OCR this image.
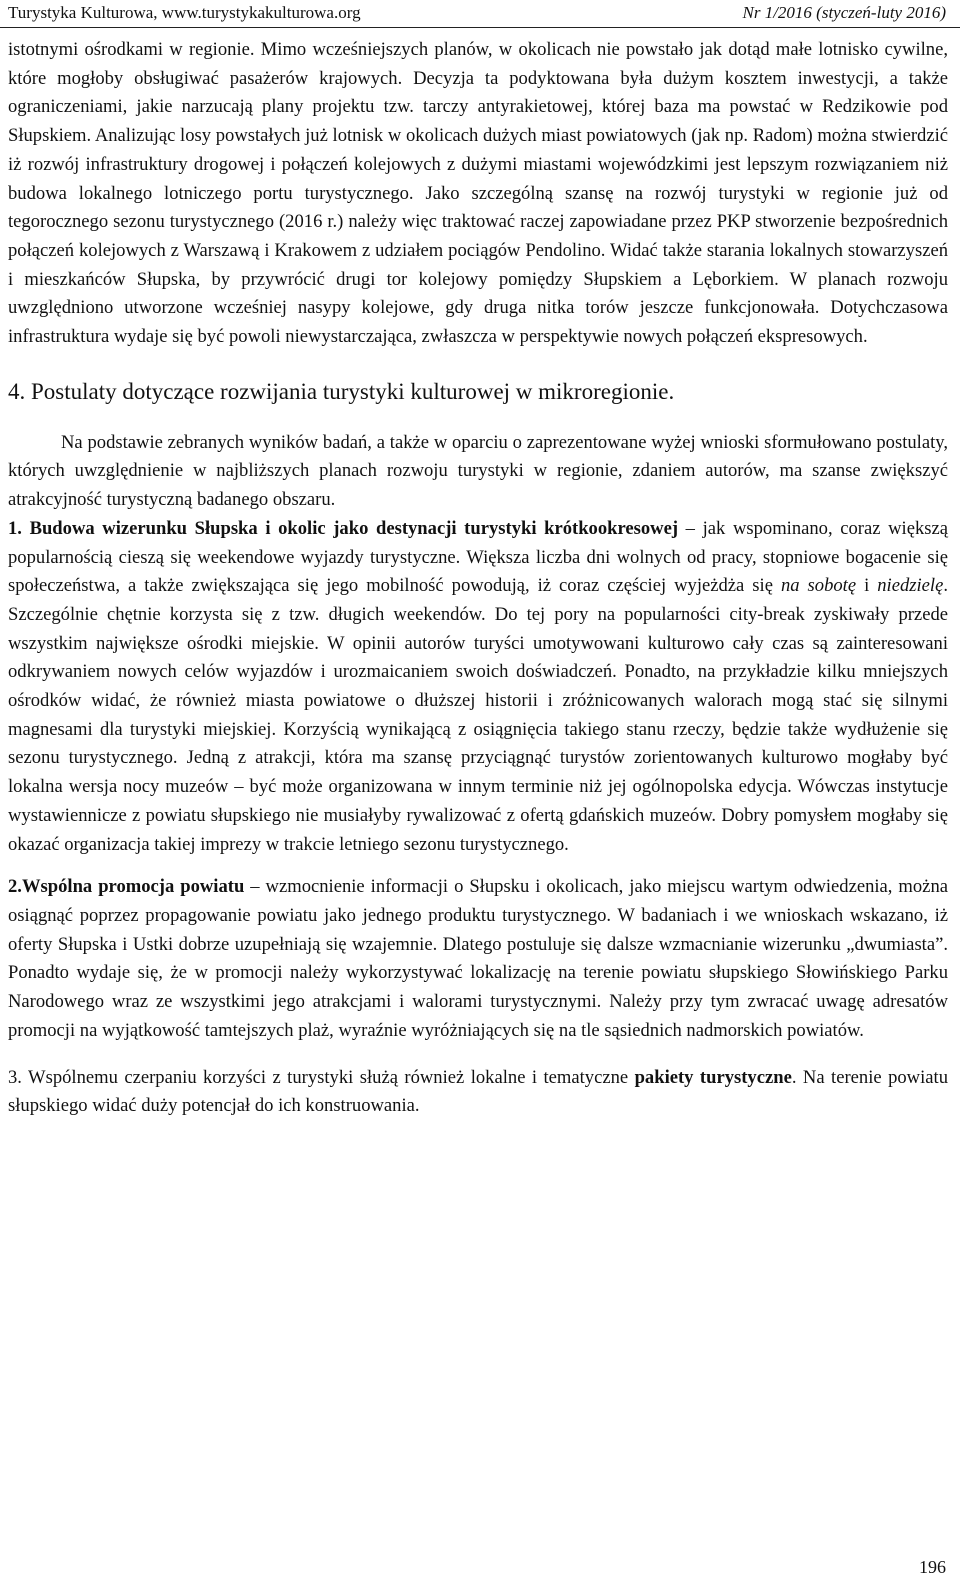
Turystyka Kulturowa, www.turystykakulturowa.org	Nr 1/2016 (styczeń-luty 2016)

istotnymi ośrodkami w regionie. Mimo wcześniejszych planów, w okolicach nie powstało jak dotąd małe lotnisko cywilne, które mogłoby obsługiwać pasażerów krajowych. Decyzja ta podyktowana była dużym kosztem inwestycji, a także ograniczeniami, jakie narzucają plany projektu tzw. tarczy antyrakietowej, której baza ma powstać w Redzikowie pod Słupskiem. Analizując losy powstałych już lotnisk w okolicach dużych miast powiatowych (jak np. Radom) można stwierdzić iż rozwój infrastruktury drogowej i połączeń kolejowych z dużymi miastami wojewódzkimi jest lepszym rozwiązaniem niż budowa lokalnego lotniczego portu turystycznego. Jako szczególną szansę na rozwój turystyki w regionie już od tegorocznego sezonu turystycznego (2016 r.) należy więc traktować raczej zapowiadane przez PKP stworzenie bezpośrednich połączeń kolejowych z Warszawą i Krakowem z udziałem pociągów Pendolino. Widać także starania lokalnych stowarzyszeń i mieszkańców Słupska, by przywrócić drugi tor kolejowy pomiędzy Słupskiem a Lęborkiem. W planach rozwoju uwzględniono utworzone wcześniej nasypy kolejowe, gdy druga nitka torów jeszcze funkcjonowała. Dotychczasowa infrastruktura wydaje się być powoli niewystarczająca, zwłaszcza w perspektywie nowych połączeń ekspresowych.

4. Postulaty dotyczące rozwijania turystyki kulturowej w mikroregionie.

Na podstawie zebranych wyników badań, a także w oparciu o zaprezentowane wyżej wnioski sformułowano postulaty, których uwzględnienie w najbliższych planach rozwoju turystyki w regionie, zdaniem autorów, ma szanse zwiększyć atrakcyjność turystyczną badanego obszaru.

1. Budowa wizerunku Słupska i okolic jako destynacji turystyki krótkookresowej – jak wspominano, coraz większą popularnością cieszą się weekendowe wyjazdy turystyczne. Większa liczba dni wolnych od pracy, stopniowe bogacenie się społeczeństwa, a także zwiększająca się jego mobilność powodują, iż coraz częściej wyjeżdża się na sobotę i niedzielę. Szczególnie chętnie korzysta się z tzw. długich weekendów. Do tej pory na popularności city-break zyskiwały przede wszystkim największe ośrodki miejskie. W opinii autorów turyści umotywowani kulturowo cały czas są zainteresowani odkrywaniem nowych celów wyjazdów i urozmaicaniem swoich doświadczeń. Ponadto, na przykładzie kilku mniejszych ośrodków widać, że również miasta powiatowe o dłuższej historii i zróżnicowanych walorach mogą stać się silnymi magnesami dla turystyki miejskiej. Korzyścią wynikającą z osiągnięcia takiego stanu rzeczy, będzie także wydłużenie się sezonu turystycznego. Jedną z atrakcji, która ma szansę przyciągnąć turystów zorientowanych kulturowo mogłaby być lokalna wersja nocy muzeów – być może organizowana w innym terminie niż jej ogólnopolska edycja. Wówczas instytucje wystawiennicze z powiatu słupskiego nie musiałyby rywalizować z ofertą gdańskich muzeów. Dobry pomysłem mogłaby się okazać organizacja takiej imprezy w trakcie letniego sezonu turystycznego.

2.Wspólna promocja powiatu – wzmocnienie informacji o Słupsku i okolicach, jako miejscu wartym odwiedzenia, można osiągnąć poprzez propagowanie powiatu jako jednego produktu turystycznego. W badaniach i we wnioskach wskazano, iż oferty Słupska i Ustki dobrze uzupełniają się wzajemnie. Dlatego postuluje się dalsze wzmacnianie wizerunku „dwumiasta”. Ponadto wydaje się, że w promocji należy wykorzystywać lokalizację na terenie powiatu słupskiego Słowińskiego Parku Narodowego wraz ze wszystkimi jego atrakcjami i walorami turystycznymi. Należy przy tym zwracać uwagę adresatów promocji na wyjątkowość tamtejszych plaż, wyraźnie wyróżniających się na tle sąsiednich nadmorskich powiatów.

3. Wspólnemu czerpaniu korzyści z turystyki służą również lokalne i tematyczne pakiety turystyczne. Na terenie powiatu słupskiego widać duży potencjał do ich konstruowania.

196
